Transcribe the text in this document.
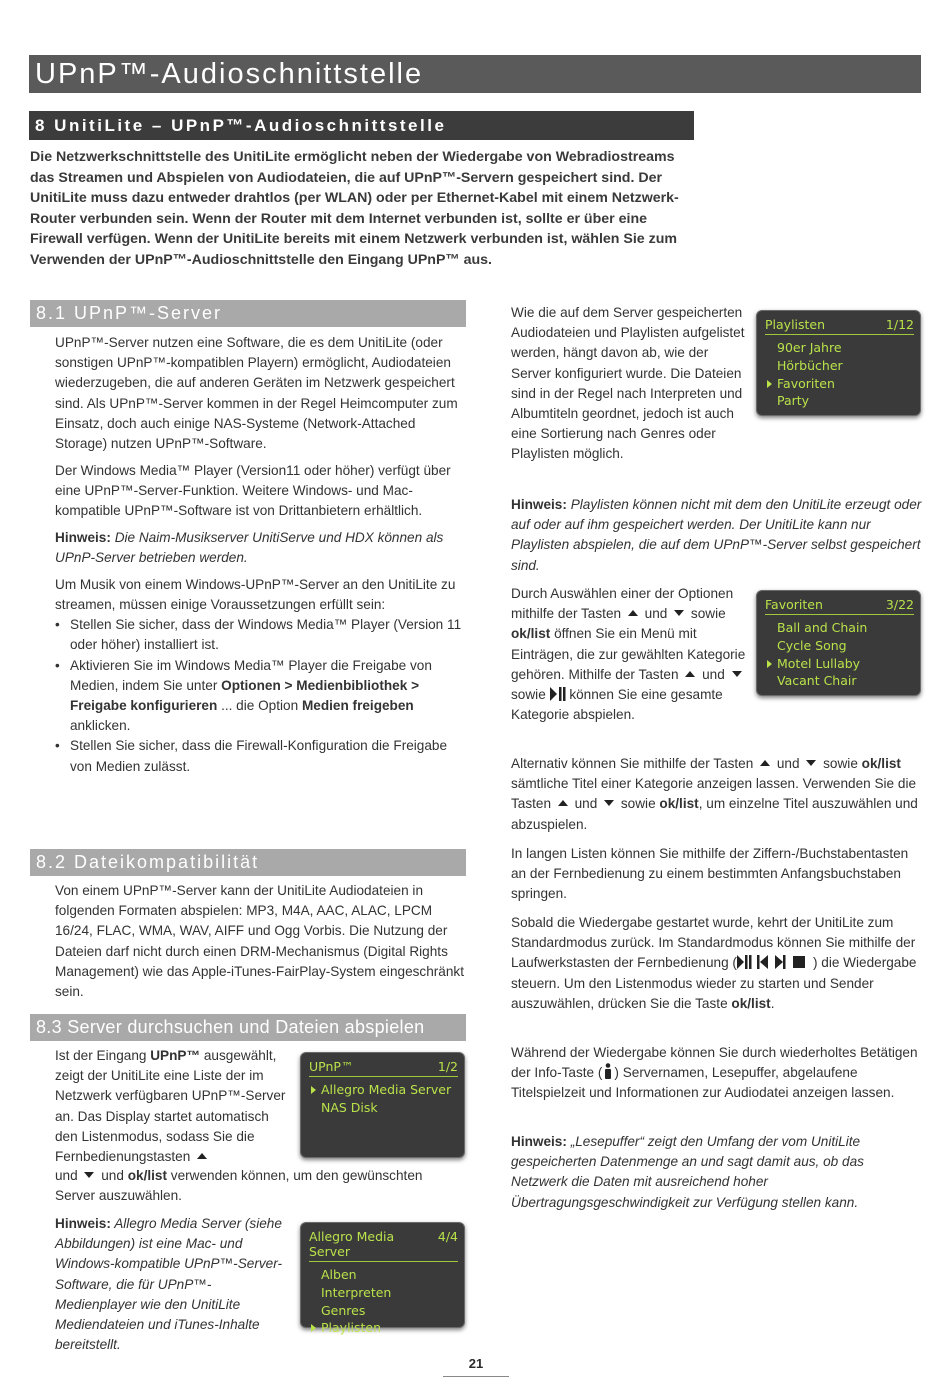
UPnP™-Audioschnittstelle
8 UnitiLite – UPnP™-Audioschnittstelle
Die Netzwerkschnittstelle des UnitiLite ermöglicht neben der Wiedergabe von Webradiostreams das Streamen und Abspielen von Audiodateien, die auf UPnP™-Servern gespeichert sind. Der UnitiLite muss dazu entweder drahtlos (per WLAN) oder per Ethernet-Kabel mit einem Netzwerk-Router verbunden sein. Wenn der Router mit dem Internet verbunden ist, sollte er über eine Firewall verfügen. Wenn der UnitiLite bereits mit einem Netzwerk verbunden ist, wählen Sie zum Verwenden der UPnP™-Audioschnittstelle den Eingang UPnP™ aus.
8.1 UPnP™-Server

UPnP™-Server nutzen eine Software, die es dem UnitiLite (oder sonstigen UPnP™-kompatiblen Playern) ermöglicht, Audiodateien wiederzugeben, die auf anderen Geräten im Netzwerk gespeichert sind. Als UPnP™-Server kommen in der Regel Heimcomputer zum Einsatz, doch auch einige NAS-Systeme (Network-Attached Storage) nutzen UPnP™-Software.

Der Windows Media™ Player (Version11 oder höher) verfügt über eine UPnP™-Server-Funktion. Weitere Windows- und Mac-kompatible UPnP™-Software ist von Drittanbietern erhältlich.

Hinweis: Die Naim-Musikserver UnitiServe und HDX können als UPnP-Server betrieben werden.

Um Musik von einem Windows-UPnP™-Server an den UnitiLite zu streamen, müssen einige Voraussetzungen erfüllt sein:

• Stellen Sie sicher, dass der Windows Media™ Player (Version 11 oder höher) installiert ist.
• Aktivieren Sie im Windows Media™ Player die Freigabe von Medien, indem Sie unter Optionen > Medienbibliothek > Freigabe konfigurieren ... die Option Medien freigeben anklicken.
• Stellen Sie sicher, dass die Firewall-Konfiguration die Freigabe von Medien zulässt.
8.2 Dateikompatibilität

Von einem UPnP™-Server kann der UnitiLite Audiodateien in folgenden Formaten abspielen: MP3, M4A, AAC, ALAC, LPCM 16/24, FLAC, WMA, WAV, AIFF und Ogg Vorbis. Die Nutzung der Dateien darf nicht durch einen DRM-Mechanismus (Digital Rights Management) wie das Apple-iTunes-FairPlay-System eingeschränkt sein.

8.3 Server durchsuchen und Dateien abspielen
Ist der Eingang UPnP™ ausgewählt, zeigt der UnitiLite eine Liste der im Netzwerk verfügbaren UPnP™-Server an. Das Display startet automatisch den Listenmodus, sodass Sie die Fernbedienungstasten
und und ok/list verwenden können, um den gewünschten Server auszuwählen.
Hinweis: Allegro Media Server (siehe Abbildungen) ist eine Mac- und Windows-kompatible UPnP™-Server-Software, die für UPnP™-Medienplayer wie den UnitiLite Mediendateien und iTunes-Inhalte bereitstellt.
Wie die auf dem Server gespeicherten Audiodateien und Playlisten aufgelistet werden, hängt davon ab, wie der Server konfiguriert wurde. Die Dateien sind in der Regel nach Interpreten und Albumtiteln geordnet, jedoch ist auch eine Sortierung nach Genres oder Playlisten möglich.
Hinweis: Playlisten können nicht mit dem den UnitiLite erzeugt oder auf oder auf ihm gespeichert werden. Der UnitiLite kann nur Playlisten abspielen, die auf dem UPnP™-Server selbst gespeichert sind.
Durch Auswählen einer der Optionen mithilfe der Tasten und sowie ok/list öffnen Sie ein Menü mit Einträgen, die zur gewählten Kategorie gehören. Mithilfe der Tasten und  sowie können Sie eine gesamte Kategorie abspielen.
Alternativ können Sie mithilfe der Tasten und sowie ok/list sämtliche Titel einer Kategorie anzeigen lassen. Verwenden Sie die Tasten und sowie ok/list, um einzelne Titel auszuwählen und abzuspielen.
In langen Listen können Sie mithilfe der Ziffern-/Buchstabentasten an der Fernbedienung zu einem bestimmten Anfangsbuchstaben springen.
Sobald die Wiedergabe gestartet wurde, kehrt der UnitiLite zum Standardmodus zurück. Im Standardmodus können Sie mithilfe der Laufwerkstasten der Fernbedienung (	) die Wiedergabe steuern. Um den Listenmodus wieder zu starten und Sender auszuwählen, drücken Sie die Taste ok/list.
Während der Wiedergabe können Sie durch wiederholtes Betätigen der Info-Taste ( ) Servernamen, Lesepuffer, abgelaufene Titelspielzeit und Informationen zur Audiodatei anzeigen lassen.
Hinweis: „Lesepuffer“ zeigt den Umfang der vom UnitiLite gespeicherten Datenmenge an und sagt damit aus, ob das Netzwerk die Daten mit ausreichend hoher Übertragungsgeschwindigkeit zur Verfügung stellen kann.
Playlisten	1/12
90er Jahre
Hörbücher
Favoriten
Party
Favoriten	3/22
Ball and Chain
Cycle Song
Motel Lullaby
Vacant Chair
UPnP™	1/2
Allegro Media Server
NAS Disk
Allegro Media Server
4/4
Alben
Interpreten
Genres
Playlisten
21
